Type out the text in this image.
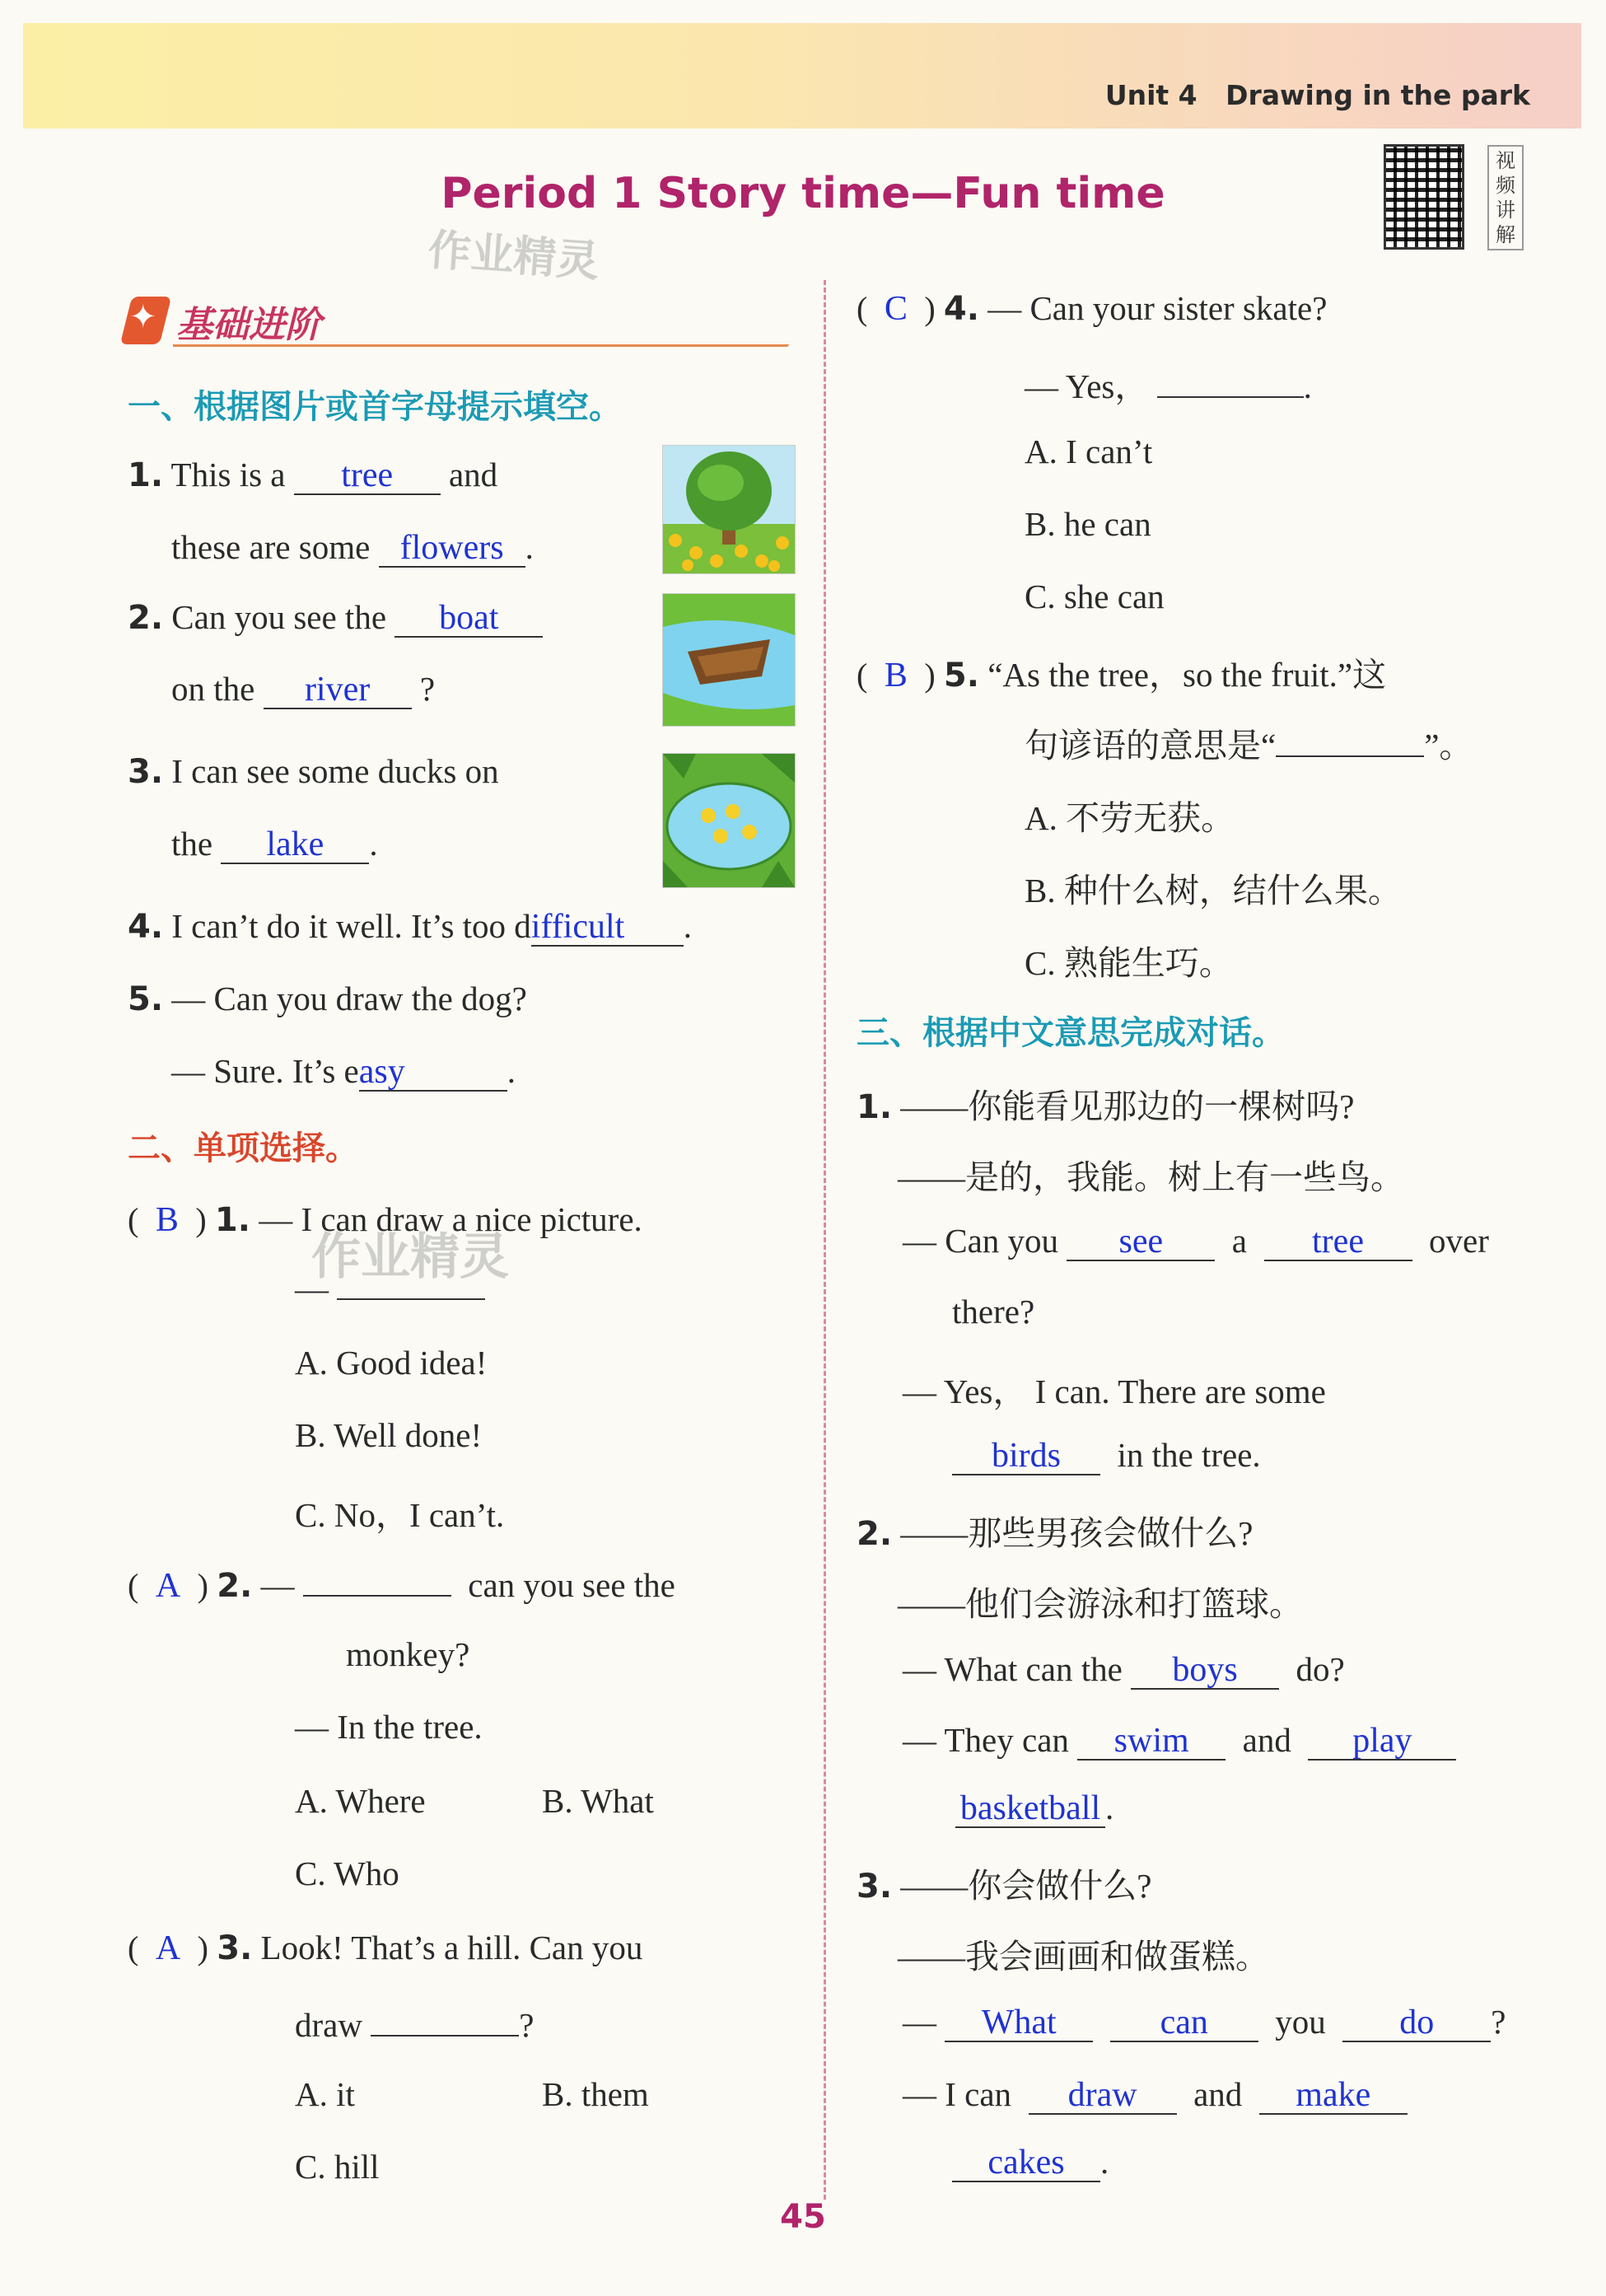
Unit 4 Drawing in the park
Period 1 Story time—Fun time
视
频
讲
解
作业精灵
作业精灵
✦ 基础进阶
一、根据图片或首字母提示填空。
1. This is a tree and
these are some flowers .
2. Can you see the boat
on the river ?
3. I can see some ducks on
the lake .
4. I can’t do it well. It’s too difficult .
5. — Can you draw the dog?
— Sure. It’s easy	.
二、单项选择。
( B ) 1. — I can draw a nice picture.
—
A. Good idea!
B. Well done!
C. No，I can’t.
( A ) 2. —	can you see the
monkey?
— In the tree.
A. Where	B. What
C. Who
( A ) 3. Look! That’s a hill. Can you
draw	?
A. it	B. them
C. hill
( C ) 4. — Can your sister skate?
— Yes，	.
A. I can’t
B. he can
C. she can
( B ) 5. “As the tree，so the fruit.”这
句谚语的意思是“	”。
A. 不劳无获。
B. 种什么树，结什么果。
C. 熟能生巧。
三、根据中文意思完成对话。
1. ——你能看见那边的一棵树吗?
——是的，我能。树上有一些鸟。
— Can you see a tree over
there?
— Yes， I can. There are some
birds in the tree.
2. ——那些男孩会做什么?
——他们会游泳和打篮球。
— What can the boys do?
— They can swim and play
basketball .
3. ——你会做什么?
——我会画画和做蛋糕。
— What	can you do ?
— I can draw and make
cakes .
45
